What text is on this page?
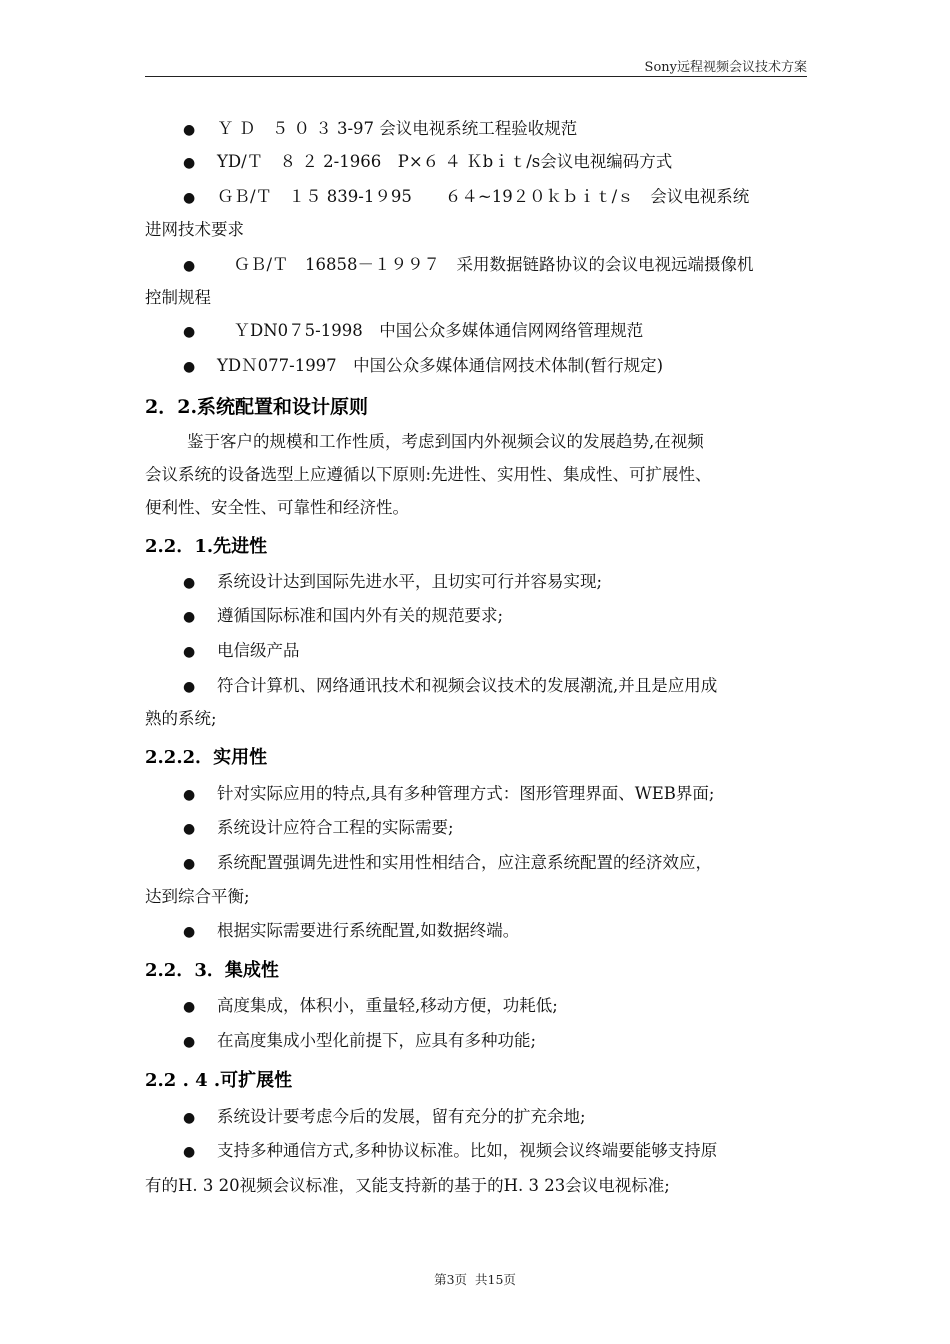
Sony远程视频会议技术方案
● Ｙ Ｄ　５ ０ ３ 3-97 会议电视系统工程验收规范
● YD/Ｔ　８ ２ 2-1966　P×６ ４ Ｋbｉｔ/s会议电视编码方式
● ＧＢ/Ｔ　１５ 839-1９95　　６４~19２０ｋｂｉｔ/ｓ　会议电视系统
进网技术要求
●　ＧＢ/Ｔ　16858－１９９７　采用数据链路协议的会议电视远端摄像机
控制规程
●　ＹDN0７5-1998　中国公众多媒体通信网网络管理规范
● YDＮ077-1997　中国公众多媒体通信网技术体制(暂行规定)
2．2.系统配置和设计原则
鉴于客户的规模和工作性质，考虑到国内外视频会议的发展趋势,在视频
会议系统的设备选型上应遵循以下原则:先进性、实用性、集成性、可扩展性、
便利性、安全性、可靠性和经济性。
2.2．1.先进性
● 系统设计达到国际先进水平，且切实可行并容易实现;
● 遵循国际标准和国内外有关的规范要求;
● 电信级产品
● 符合计算机、网络通讯技术和视频会议技术的发展潮流,并且是应用成
熟的系统;
2.2.2．实用性
● 针对实际应用的特点,具有多种管理方式：图形管理界面、WEB界面;
● 系统设计应符合工程的实际需要;
● 系统配置强调先进性和实用性相结合，应注意系统配置的经济效应，
达到综合平衡;
● 根据实际需要进行系统配置,如数据终端。
2.2．3．集成性
● 高度集成，体积小，重量轻,移动方便，功耗低;
● 在高度集成小型化前提下，应具有多种功能;
2.2 . 4 .可扩展性
● 系统设计要考虑今后的发展，留有充分的扩充余地;
● 支持多种通信方式,多种协议标准。比如，视频会议终端要能够支持原
有的H. 3 20视频会议标准，又能支持新的基于的H. 3 23会议电视标准;
第3页 共15页
